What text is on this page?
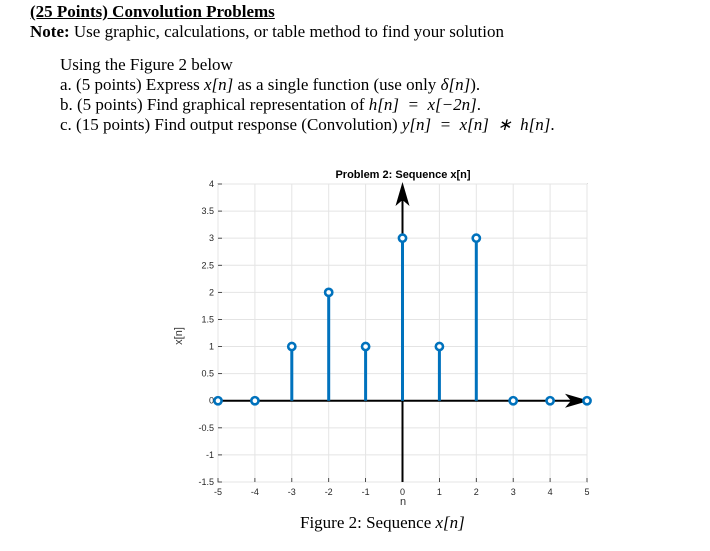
(25 Points) Convolution Problems
Note: Use graphic, calculations, or table method to find your solution
Using the Figure 2 below
a. (5 points) Express x[n] as a single function (use only δ[n]).
b. (5 points) Find graphical representation of h[n]  =  x[−2n].
c. (15 points) Find output response (Convolution) y[n]  =  x[n]  ∗  h[n].
-5	-4	-3	-2	-1	0	1	2	3	4	5
-1.5
-1
-0.5
0
0.5
1
1.5
2
2.5
3
3.5
4
Problem 2: Sequence x[n]
n
x[n]
Figure 2: Sequence x[n]
